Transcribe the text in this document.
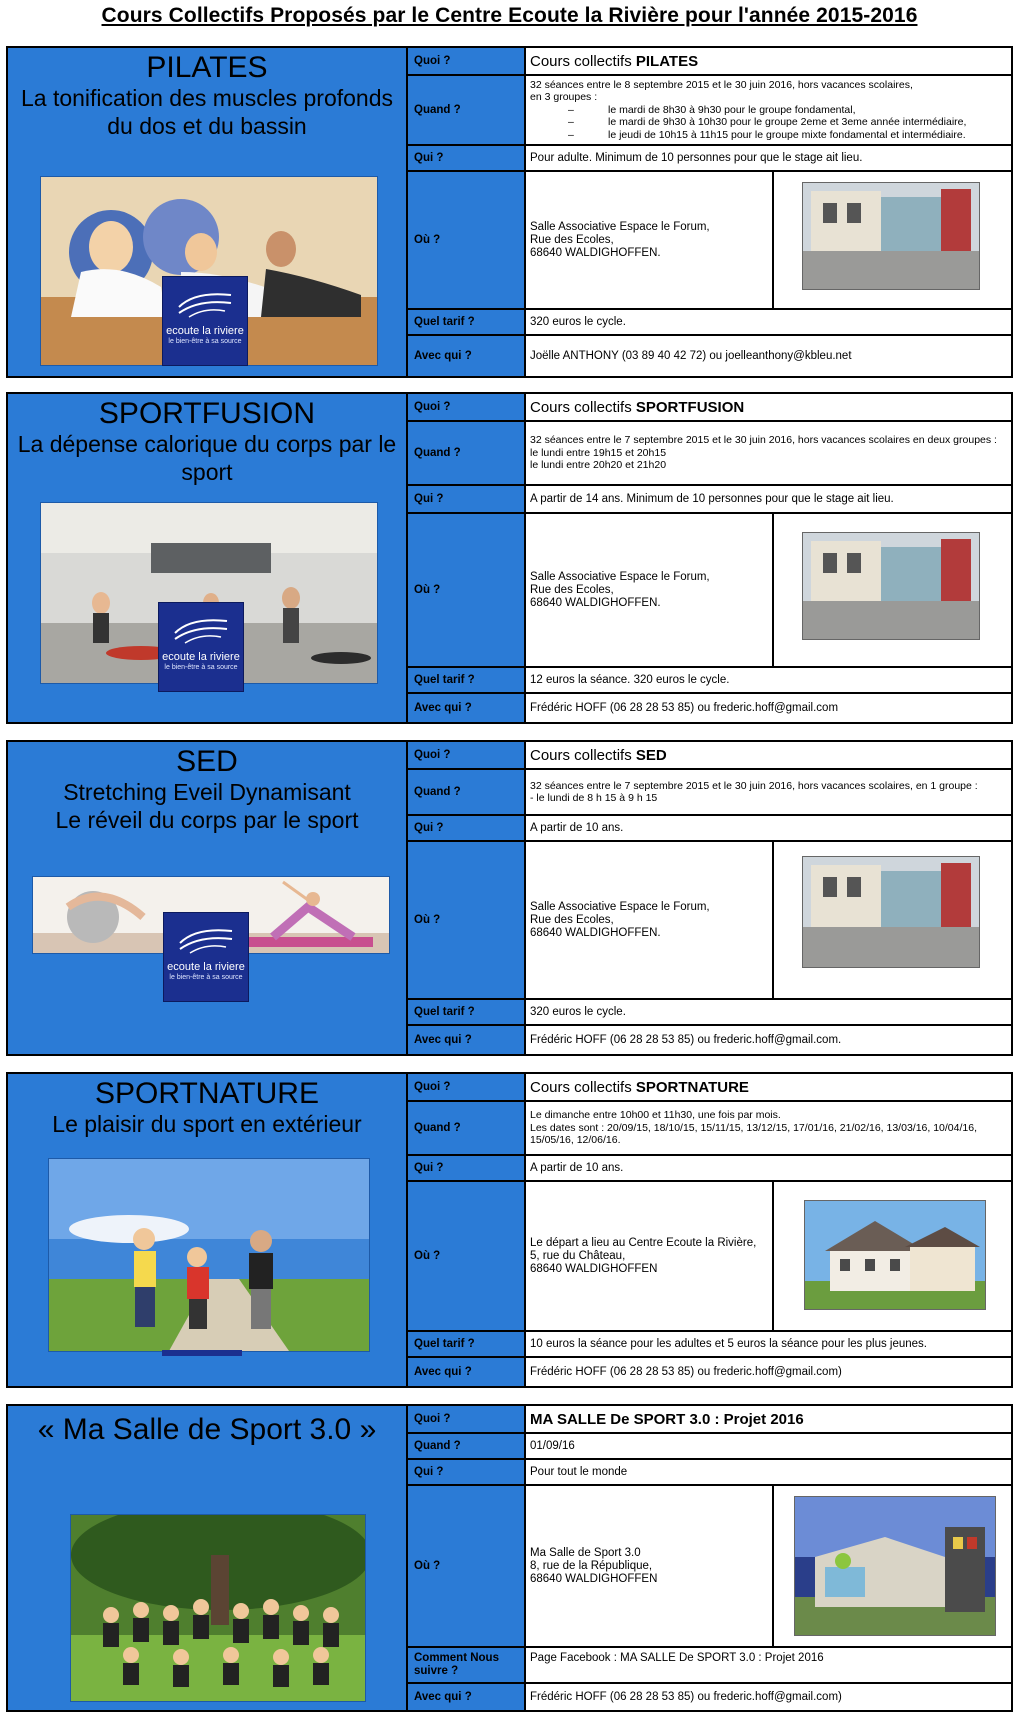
Cours Collectifs Proposés par le Centre Ecoute la Rivière pour l'année 2015-2016
PILATES
La tonification des muscles profonds du dos et du bassin
ecoute la riviere
le bien-être à sa source
Quoi ?	Cours collectifs PILATES
Quand ?
32 séances entre le 8 septembre 2015 et le 30 juin 2016, hors vacances scolaires,
en 3 groupes :
– le mardi de 8h30 à 9h30 pour le groupe fondamental,
– le mardi de 9h30 à 10h30 pour le groupe 2eme et 3eme année intermédiaire,
– le jeudi de 10h15 à 11h15 pour le groupe mixte fondamental et intermédiaire.
Qui ?	Pour adulte. Minimum de 10 personnes pour que le stage ait lieu.
Où ?
Salle Associative Espace le Forum,
Rue des Ecoles,
68640 WALDIGHOFFEN.
Quel tarif ?	320 euros le cycle.
Avec qui ?	Joëlle ANTHONY (03 89 40 42 72) ou joelleanthony@kbleu.net
SPORTFUSION
La dépense calorique du corps par le sport
ecoute la riviere
le bien-être à sa source
Quoi ?	Cours collectifs SPORTFUSION
Quand ?
32 séances entre le 7 septembre 2015 et le 30 juin 2016, hors vacances scolaires en deux groupes :
le lundi entre 19h15 et 20h15
le lundi entre 20h20 et 21h20
Qui ?	A partir de 14 ans. Minimum de 10 personnes pour que le stage ait lieu.
Où ?
Salle Associative Espace le Forum,
Rue des Ecoles,
68640 WALDIGHOFFEN.
Quel tarif ?	12 euros la séance. 320 euros le cycle.
Avec qui ?	Frédéric HOFF (06 28 28 53 85) ou frederic.hoff@gmail.com
SED
Stretching Eveil Dynamisant
Le réveil du corps par le sport
ecoute la riviere
le bien-être à sa source
Quoi ?	Cours collectifs SED
Quand ?
32 séances entre le 7 septembre 2015 et le 30 juin 2016, hors vacances scolaires, en 1 groupe :
- le lundi de 8 h 15 à 9 h 15
Qui ?	A partir de 10 ans.
Où ?
Salle Associative Espace le Forum,
Rue des Ecoles,
68640 WALDIGHOFFEN.
Quel tarif ?	320 euros le cycle.
Avec qui ?	Frédéric HOFF (06 28 28 53 85) ou frederic.hoff@gmail.com.
SPORTNATURE
Le plaisir du sport en extérieur
Quoi ?	Cours collectifs SPORTNATURE
Quand ?
Le dimanche entre 10h00 et 11h30, une fois par mois.
Les dates sont : 20/09/15, 18/10/15, 15/11/15, 13/12/15, 17/01/16, 21/02/16, 13/03/16, 10/04/16, 15/05/16, 12/06/16.
Qui ?	A partir de 10 ans.
Où ?
Le départ a lieu au Centre Ecoute la Rivière,
5, rue du Château,
68640 WALDIGHOFFEN
Quel tarif ?	10 euros la séance pour les adultes et 5 euros la séance pour les plus jeunes.
Avec qui ?	Frédéric HOFF (06 28 28 53 85) ou frederic.hoff@gmail.com)
« Ma Salle de Sport 3.0 »	Quoi ?	MA SALLE De SPORT 3.0 : Projet 2016
Quand ?	01/09/16
Qui ?	Pour tout le monde
Où ?
Ma Salle de Sport 3.0
8, rue de la République,
68640 WALDIGHOFFEN
Comment Nous suivre ?
Page Facebook : MA SALLE De SPORT 3.0 : Projet 2016
Avec qui ?	Frédéric HOFF (06 28 28 53 85) ou frederic.hoff@gmail.com)
